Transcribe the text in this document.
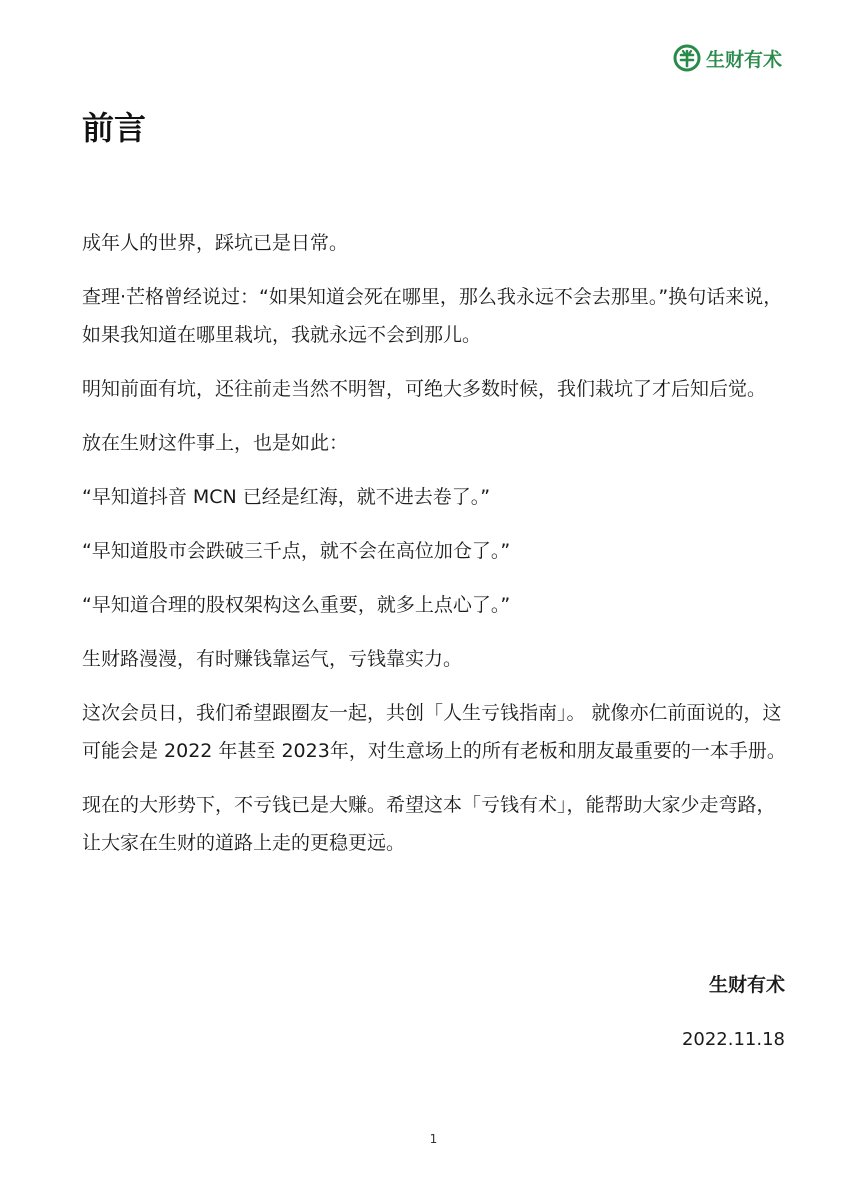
生财有术
前言

成年人的世界，踩坑已是日常。

查理·芒格曾经说过：“如果知道会死在哪里，那么我永远不会去那里。”换句话来说，如果我知道在哪里栽坑，我就永远不会到那儿。

明知前面有坑，还往前走当然不明智，可绝大多数时候，我们栽坑了才后知后觉。

放在生财这件事上，也是如此：

“早知道抖音 MCN 已经是红海，就不进去卷了。”

“早知道股市会跌破三千点，就不会在高位加仓了。”

“早知道合理的股权架构这么重要，就多上点心了。”

生财路漫漫，有时赚钱靠运气，亏钱靠实力。

这次会员日，我们希望跟圈友一起，共创「人生亏钱指南」。 就像亦仁前面说的，这可能会是 2022 年甚至 2023年，对生意场上的所有老板和朋友最重要的一本手册。

现在的大形势下，不亏钱已是大赚。希望这本「亏钱有术」，能帮助大家少走弯路，让大家在生财的道路上走的更稳更远。

生财有术
2022.11.18
1
